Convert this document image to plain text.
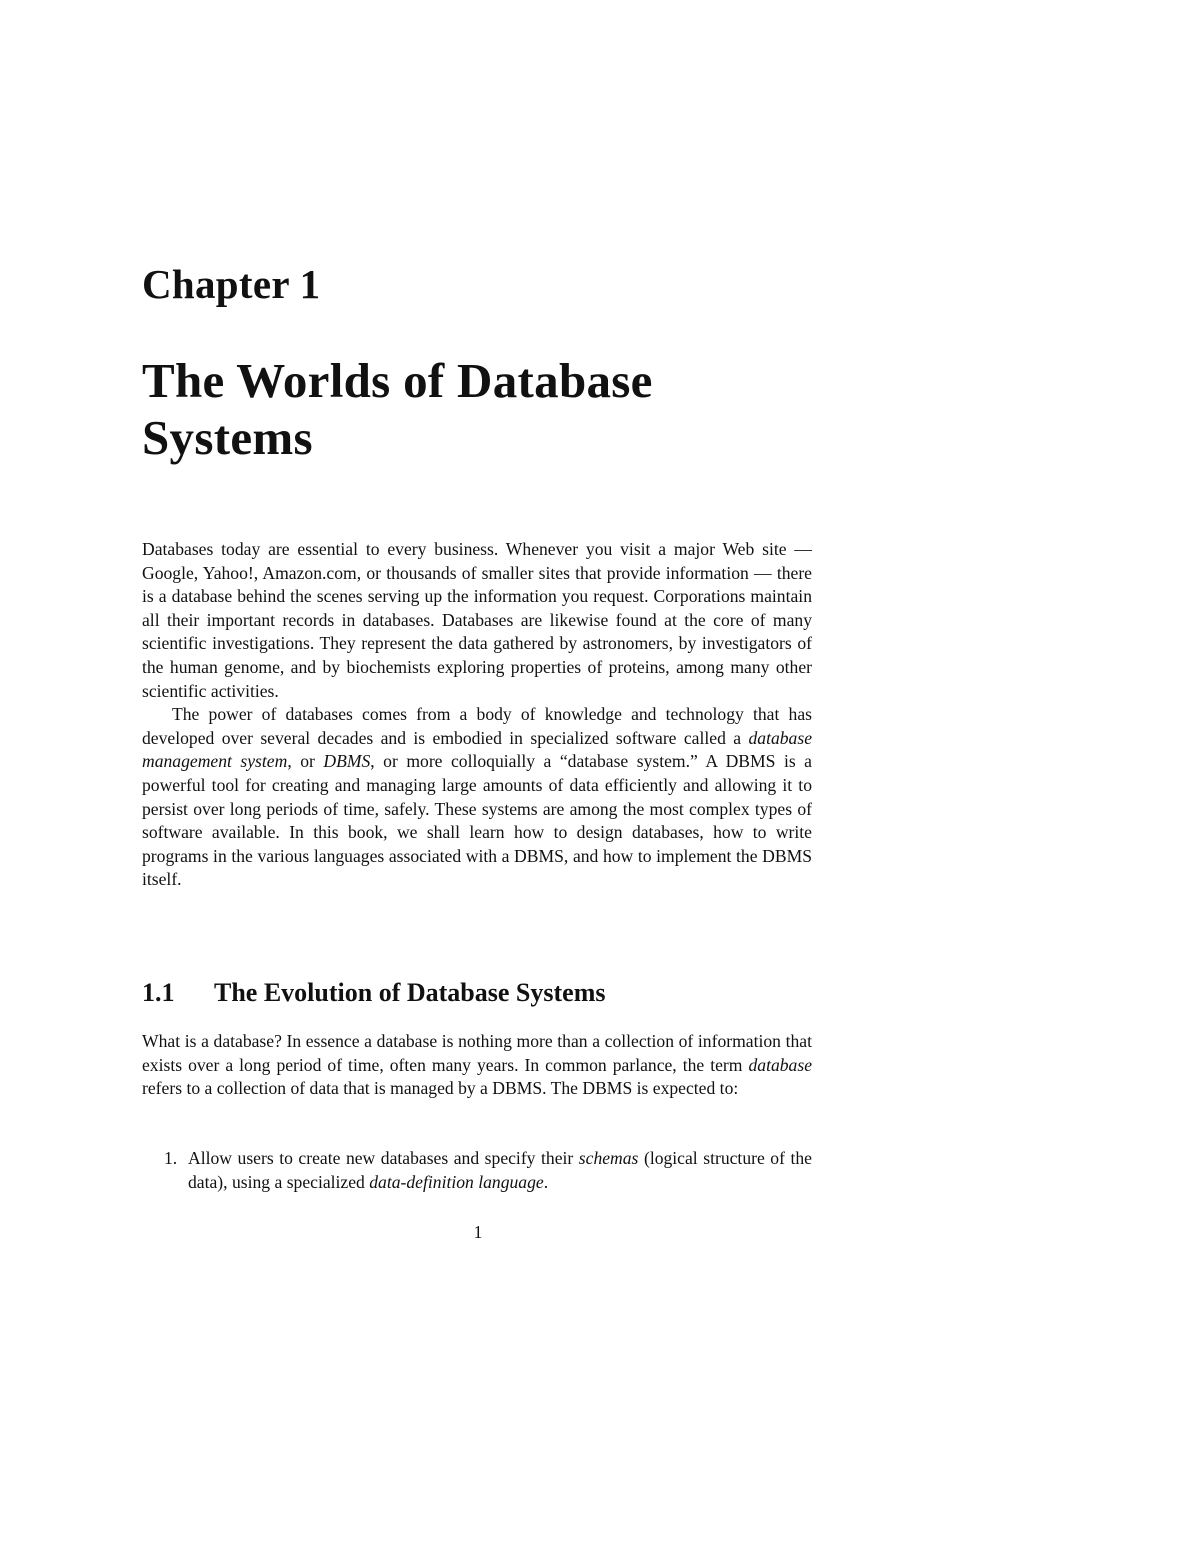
Chapter 1
The Worlds of Database Systems

Databases today are essential to every business. Whenever you visit a major Web site — Google, Yahoo!, Amazon.com, or thousands of smaller sites that provide information — there is a database behind the scenes serving up the information you request. Corporations maintain all their important records in databases. Databases are likewise found at the core of many scientific investigations. They represent the data gathered by astronomers, by investigators of the human genome, and by biochemists exploring properties of proteins, among many other scientific activities.

The power of databases comes from a body of knowledge and technology that has developed over several decades and is embodied in specialized software called a database management system, or DBMS, or more colloquially a “database system.” A DBMS is a powerful tool for creating and managing large amounts of data efficiently and allowing it to persist over long periods of time, safely. These systems are among the most complex types of software available. In this book, we shall learn how to design databases, how to write programs in the various languages associated with a DBMS, and how to implement the DBMS itself.

1.1 The Evolution of Database Systems

What is a database? In essence a database is nothing more than a collection of information that exists over a long period of time, often many years. In common parlance, the term database refers to a collection of data that is managed by a DBMS. The DBMS is expected to:

1. Allow users to create new databases and specify their schemas (logical structure of the data), using a specialized data-definition language.
1
